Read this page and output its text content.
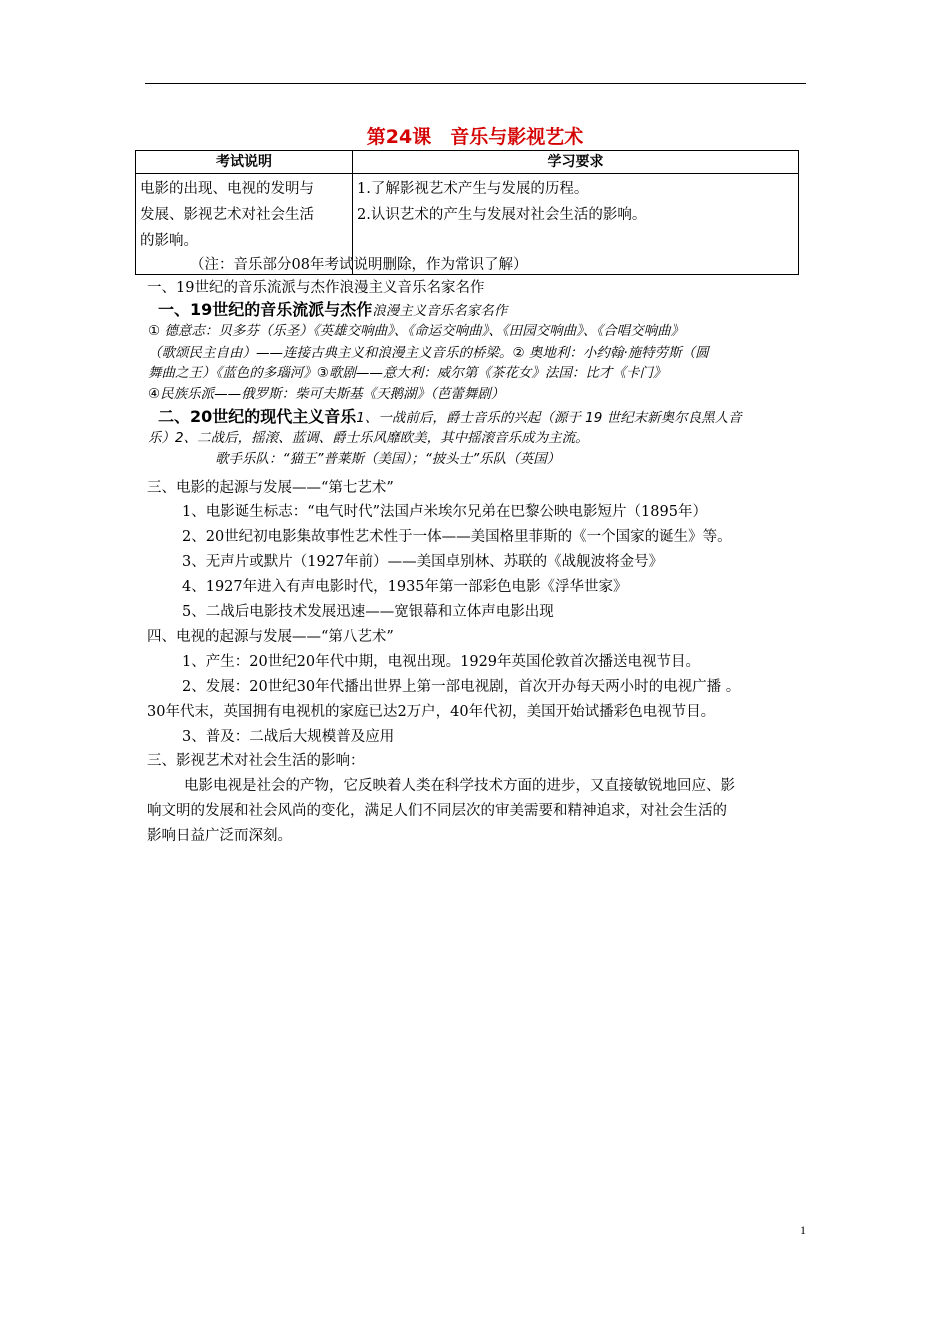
第24课　音乐与影视艺术
考试说明	学习要求

电影的出现、电视的发明与
发展、影视艺术对社会生活
的影响。	1.了解影视艺术产生与发展的历程。
2.认识艺术的产生与发展对社会生活的影响。
（注：音乐部分08年考试说明删除，作为常识了解）
一、19世纪的音乐流派与杰作浪漫主义音乐名家名作
一、19世纪的音乐流派与杰作浪漫主义音乐名家名作
① 德意志：贝多芬（乐圣）《英雄交响曲》、《命运交响曲》、《田园交响曲》、《合唱交响曲》
（歌颂民主自由）——连接古典主义和浪漫主义音乐的桥梁。② 奥地利：小约翰·施特劳斯（圆
舞曲之王）《蓝色的多瑙河》③歌剧——意大利：威尔第《茶花女》法国：比才《卡门》
④民族乐派——俄罗斯：柴可夫斯基《天鹅湖》（芭蕾舞剧）
二、20世纪的现代主义音乐1、一战前后，爵士音乐的兴起（源于 19 世纪末新奥尔良黑人音
乐）2、二战后，摇滚、蓝调、爵士乐风靡欧美，其中摇滚音乐成为主流。
歌手乐队：“猫王”普莱斯（美国）；“披头士”乐队（英国）
三、电影的起源与发展——“第七艺术”
1、电影诞生标志：“电气时代”法国卢米埃尔兄弟在巴黎公映电影短片（1895年）
2、20世纪初电影集故事性艺术性于一体——美国格里菲斯的《一个国家的诞生》等。
3、无声片或默片（1927年前）——美国卓别林、苏联的《战舰波将金号》
4、1927年进入有声电影时代，1935年第一部彩色电影《浮华世家》
5、二战后电影技术发展迅速——宽银幕和立体声电影出现
四、电视的起源与发展——“第八艺术”
1、产生：20世纪20年代中期，电视出现。1929年英国伦敦首次播送电视节目。
2、发展：20世纪30年代播出世界上第一部电视剧，首次开办每天两小时的电视广播 。
30年代末，英国拥有电视机的家庭已达2万户，40年代初，美国开始试播彩色电视节目。
3、普及：二战后大规模普及应用
三、影视艺术对社会生活的影响：
电影电视是社会的产物，它反映着人类在科学技术方面的进步，又直接敏锐地回应、影
响文明的发展和社会风尚的变化，满足人们不同层次的审美需要和精神追求，对社会生活的
影响日益广泛而深刻。
1
